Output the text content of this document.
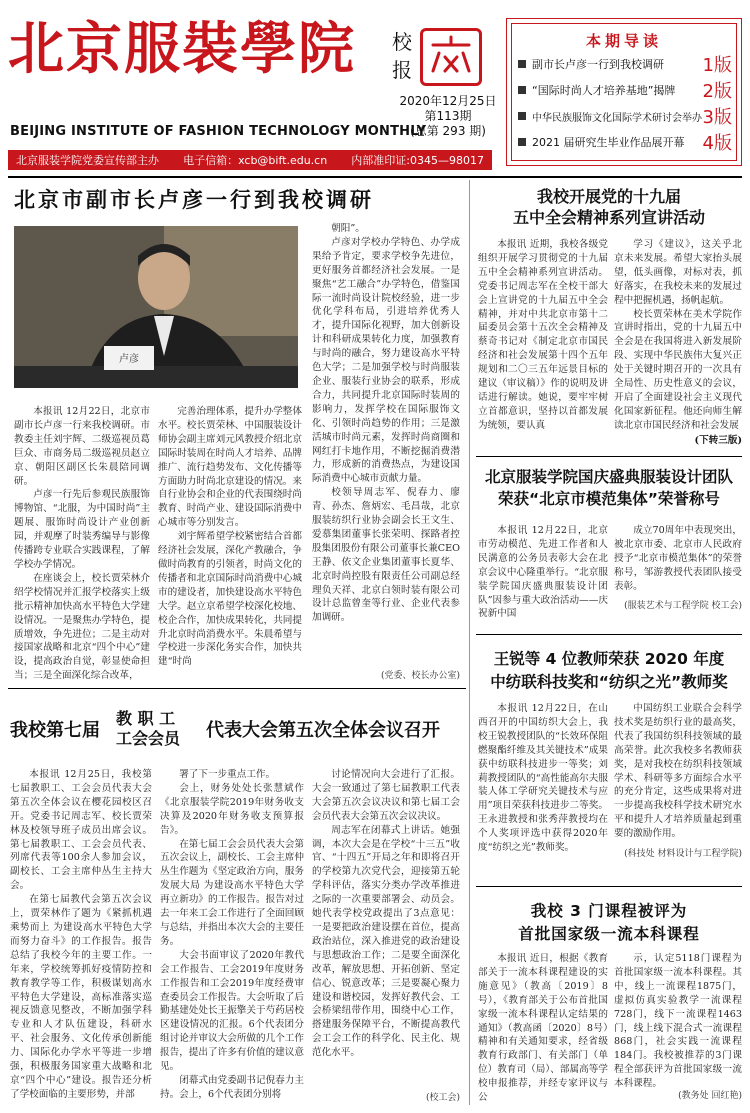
北京服裝學院 校报
2020年12月25日
第113期
(总第 293 期)
BEIJING INSTITUTE OF FASHION TECHNOLOGY MONTHLY
北京服装学院党委宣传部主办 电子信箱：xcb@bift.edu.cn 内部准印证:0345—98017
本期导读
副市长卢彦一行到我校调研	1版
“国际时尚人才培养基地”揭牌	2版
中华民族服饰文化国际学术研讨会举办 3版
2021 届研究生毕业作品展开幕	4版
北京市副市长卢彦一行到我校调研
卢彦
本报讯 12月22日，北京市副市长卢彦一行来我校调研。市教委主任刘宇辉、二级巡视员葛巨众、市商务局二级巡视员赵立京、朝阳区副区长朱晨陪同调研。
卢彦一行先后参观民族服饰博物馆、“北服，为中国时尚”主题展、服饰时尚设计产业创新园，并观摩了时装秀编导与影像传播跨专业联合实践课程，了解学校办学情况。
在座谈会上，校长贾荣林介绍学校情况并汇报学校落实上级批示精神加快高水平特色大学建设情况。一是聚焦办学特色，提质增效，争先进位；二是主动对接国家战略和北京“四个中心”建设，提高政治自觉，彰显使命担当；三是全面深化综合改革，
完善治理体系，提升办学整体水平。校长贾荣林、中国服装设计师协会副主席刘元风教授介绍北京国际时装周在时尚人才培养、品牌推广、流行趋势发布、文化传播等方面助力时尚北京建设的情况。来自行业协会和企业的代表围绕时尚教育、时尚产业、建设国际消费中心城市等分别发言。
刘宇辉希望学校紧密结合首都经济社会发展，深化产教融合，争做时尚教育的引领者，时尚文化的传播者和北京国际时尚消费中心城市的建设者，加快建设高水平特色大学。赵立京希望学校深化校地、校企合作，加快成果转化，共同提升北京时尚消费水平。朱晨希望与学校进一步深化务实合作，加快共建“时尚
朝阳”。
卢彦对学校办学特色、办学成果给予肯定，要求学校争先进位，更好服务首都经济社会发展。一是聚焦“艺工融合”办学特色，借鉴国际一流时尚设计院校经验，进一步优化学科布局，引进培养优秀人才，提升国际化视野，加大创新设计和科研成果转化力度，加强教育与时尚的融合，努力建设高水平特色大学；二是加强学校与时尚服装企业、服装行业协会的联系，形成合力，共同提升北京国际时装周的影响力，发挥学校在国际服饰文化、引领时尚趋势的作用；三是激活城市时尚元素，发挥时尚商圈和网红打卡地作用，不断挖掘消费潜力，形成新的消费热点，为建设国际消费中心城市贡献力量。
校领导周志军、倪春力、廖青、孙杰、詹炳宏、毛昌哉，北京服装纺织行业协会副会长王文生、爱慕集团董事长张荣明、探路者控股集团股份有限公司董事长兼CEO王静、依文企业集团董事长夏华、北京时尚控股有限责任公司副总经理负天祥、北京白领时装有限公司设计总监曾奎等行业、企业代表参加调研。
(党委、校长办公室)
我校第七届
教 职 工
工会会员 代表大会第五次全体会议召开
本报讯 12月25日，我校第七届教职工、工会会员代表大会第五次全体会议在樱花园校区召开。党委书记周志军、校长贾荣林及校领导班子成员出席会议。第七届教职工、工会会员代表、列席代表等100余人参加会议，副校长、工会主席仲丛生主持大会。
在第七届教代会第五次会议上，贾荣林作了题为《紧抓机遇乘势而上 为建设高水平特色大学而努力奋斗》的工作报告。报告总结了我校今年的主要工作。一年来，学校统筹抓好疫情防控和教育教学等工作，积极谋划高水平特色大学建设，高标准落实巡视反馈意见整改，不断加强学科专业和人才队伍建设，科研水平、社会服务、文化传承创新能力、国际化办学水平等进一步增强，积极服务国家重大战略和北京“四个中心”建设。报告还分析了学校面临的主要形势，并部
署了下一步重点工作。
会上，财务处处长张慧斌作《北京服装学院2019年财务收支决算及2020年财务收支预算报告》。
在第七届工会会员代表大会第五次会议上，副校长、工会主席仲丛生作题为《坚定政治方向，服务发展大局 为建设高水平特色大学再立新功》的工作报告。报告对过去一年来工会工作进行了全面回顾与总结，并指出本次大会的主要任务。
大会书面审议了2020年教代会工作报告、工会2019年度财务工作报告和工会2019年度经费审查委员会工作报告。大会听取了后勤基建处处长王振擎关于芍药居校区建设情况的汇报。6个代表团分组讨论并审议大会所做的几个工作报告，提出了许多有价值的建议意见。
闭幕式由党委副书记倪春力主持。会上，6个代表团分别将
讨论情况向大会进行了汇报。大会一致通过了第七届教职工代表大会第五次会议决议和第七届工会会员代表大会第五次会议决议。
周志军在闭幕式上讲话。她强调，本次大会是在学校“十三五”收官、“十四五”开局之年和即将召开的学校第九次党代会，迎接第五轮学科评估，落实分类办学改革推进之际的一次重要部署会、动员会。她代表学校党政提出了3点意见：一是要把政治建设摆在首位，提高政治站位，深入推进党的政治建设与思想政治工作；二是要全面深化改革，解放思想、开拓创新、坚定信心、锐意改革；三是要凝心聚力建设和谐校园，发挥好教代会、工会桥梁纽带作用，围绕中心工作，搭建服务保障平台，不断提高教代会工会工作的科学化、民主化、规范化水平。
(校工会)
我校开展党的十九届
五中全会精神系列宣讲活动
本报讯 近期，我校各级党组织开展学习贯彻党的十九届五中全会精神系列宣讲活动。党委书记周志军在全校干部大会上宣讲党的十九届五中全会精神，并对中共北京市第十二届委员会第十五次全会精神及蔡奇书记对《制定北京市国民经济和社会发展第十四个五年规划和二〇三五年远景目标的建议（审议稿）》作的说明及讲话进行解读。她说，要牢牢树立首都意识，坚持以首都发展为统领，要认真
学习《建议》，这关乎北京未来发展。希望大家抬头展望，低头画像，对标对表，抓好落实，在我校未来的发展过程中把握机遇，扬帆起航。
校长贾荣林在美术学院作宣讲时指出，党的十九届五中全会是在我国将进入新发展阶段、实现中华民族伟大复兴正处于关键时期召开的一次具有全局性、历史性意义的会议，开启了全面建设社会主义现代化国家新征程。他还向师生解读北京市国民经济和社会发展
(下转三版)
北京服装学院国庆盛典服装设计团队
荣获“北京市模范集体”荣誉称号
本报讯 12月22日，北京市劳动模范、先进工作者和人民满意的公务员表彰大会在北京会议中心隆重举行。“北京服装学院国庆盛典服装设计团队”因参与重大政治活动——庆祝新中国
成立70周年中表现突出，被北京市委、北京市人民政府授予“北京市模范集体”的荣誉称号，邹游教授代表团队接受表彰。
(服装艺术与工程学院 校工会)
王锐等 4 位教师荣获 2020 年度
中纺联科技奖和“纺织之光”教师奖
本报讯 12月22日，在山西召开的中国纺织大会上，我校王锐教授团队的“长效环保阻燃聚酯纤维及其关键技术”成果获中纺联科技进步一等奖；刘莉教授团队的“高性能高尔夫服装人体工学研究关键技术与应用”项目荣获科技进步二等奖。王永进教授和张秀萍教授均在个人奖项评选中获得2020年度“纺织之光”教师奖。
中国纺织工业联合会科学技术奖是纺织行业的最高奖，代表了我国纺织科技领域的最高荣誉。此次我校多名教师获奖，是对我校在纺织科技领域学术、科研等多方面综合水平的充分肯定，这些成果将对进一步提高我校科学技术研究水平和提升人才培养质量起到重要的激励作用。
(科技处 材料设计与工程学院)
我校 3 门课程被评为
首批国家级一流本科课程
本报讯 近日，根据《教育部关于一流本科课程建设的实施意见》（教高〔2019〕8号），《教育部关于公布首批国家级一流本科课程认定结果的通知》（教高函〔2020〕8号）精神和有关通知要求，经省级教育行政部门、有关部门（单位）教育司（局）、部属高等学校申报推荐，并经专家评议与公
示，认定5118门课程为首批国家级一流本科课程。其中，线上一流课程1875门，虚拟仿真实验教学一流课程728门，线下一流课程1463门，线上线下混合式一流课程868门，社会实践一流课程184门。我校被推荐的3门课程全部获评为首批国家级一流本科课程。
(教务处 回红艳)
